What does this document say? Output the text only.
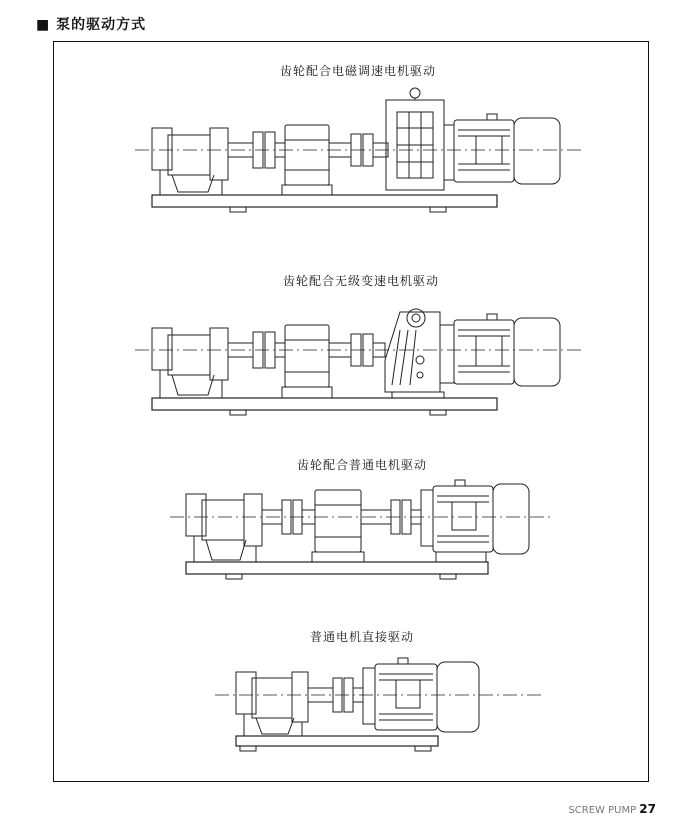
■ 泵的驱动方式
齿轮配合电磁调速电机驱动
齿轮配合无级变速电机驱动
齿轮配合普通电机驱动
普通电机直接驱动
SCREW PUMP 27
